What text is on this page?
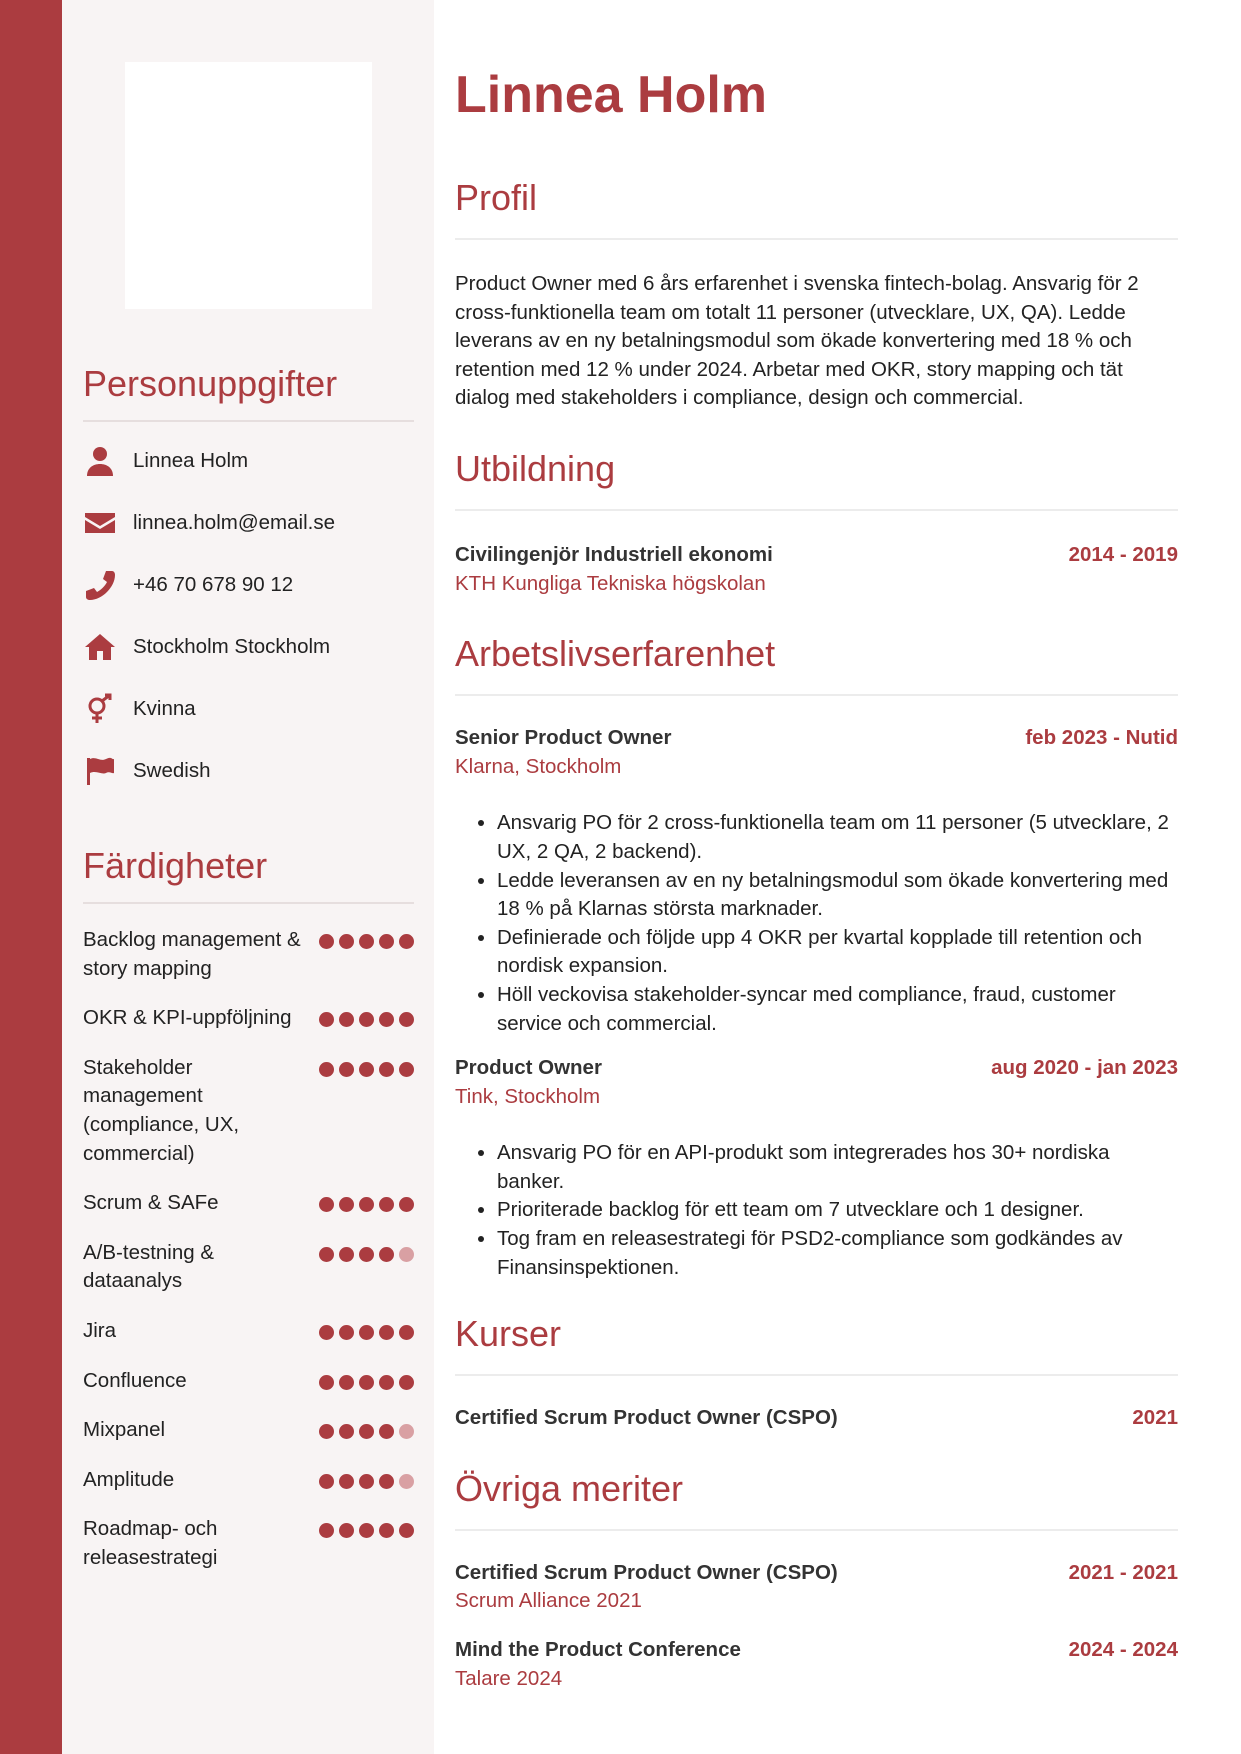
Personuppgifter
Linnea Holm
linnea.holm@email.se
+46 70 678 90 12
Stockholm Stockholm
Kvinna
Swedish
Färdigheter
Backlog management & story mapping
OKR & KPI-uppföljning
Stakeholder management (compliance, UX, commercial)
Scrum & SAFe
A/B-testning & dataanalys
Jira
Confluence
Mixpanel
Amplitude
Roadmap- och releasestrategi
Linnea Holm
Profil

Product Owner med 6 års erfarenhet i svenska fintech-bolag. Ansvarig för 2 cross-funktionella team om totalt 11 personer (utvecklare, UX, QA). Ledde leverans av en ny betalningsmodul som ökade konvertering med 18 % och retention med 12 % under 2024. Arbetar med OKR, story mapping och tät dialog med stakeholders i compliance, design och commercial.

Utbildning
Civilingenjör Industriell ekonomi	2014 - 2019
KTH Kungliga Tekniska högskolan
Arbetslivserfarenhet
Senior Product Owner	feb 2023 - Nutid
Klarna, Stockholm
• Ansvarig PO för 2 cross-funktionella team om 11 personer (5 utvecklare, 2 UX, 2 QA, 2 backend).
• Ledde leveransen av en ny betalningsmodul som ökade konvertering med 18 % på Klarnas största marknader.
• Definierade och följde upp 4 OKR per kvartal kopplade till retention och nordisk expansion.
• Höll veckovisa stakeholder-syncar med compliance, fraud, customer service och commercial.
Product Owner	aug 2020 - jan 2023
Tink, Stockholm
• Ansvarig PO för en API-produkt som integrerades hos 30+ nordiska banker.
• Prioriterade backlog för ett team om 7 utvecklare och 1 designer.
• Tog fram en releasestrategi för PSD2-compliance som godkändes av Finansinspektionen.
Kurser
Certified Scrum Product Owner (CSPO)	2021
Övriga meriter
Certified Scrum Product Owner (CSPO)	2021 - 2021
Scrum Alliance 2021
Mind the Product Conference	2024 - 2024
Talare 2024
